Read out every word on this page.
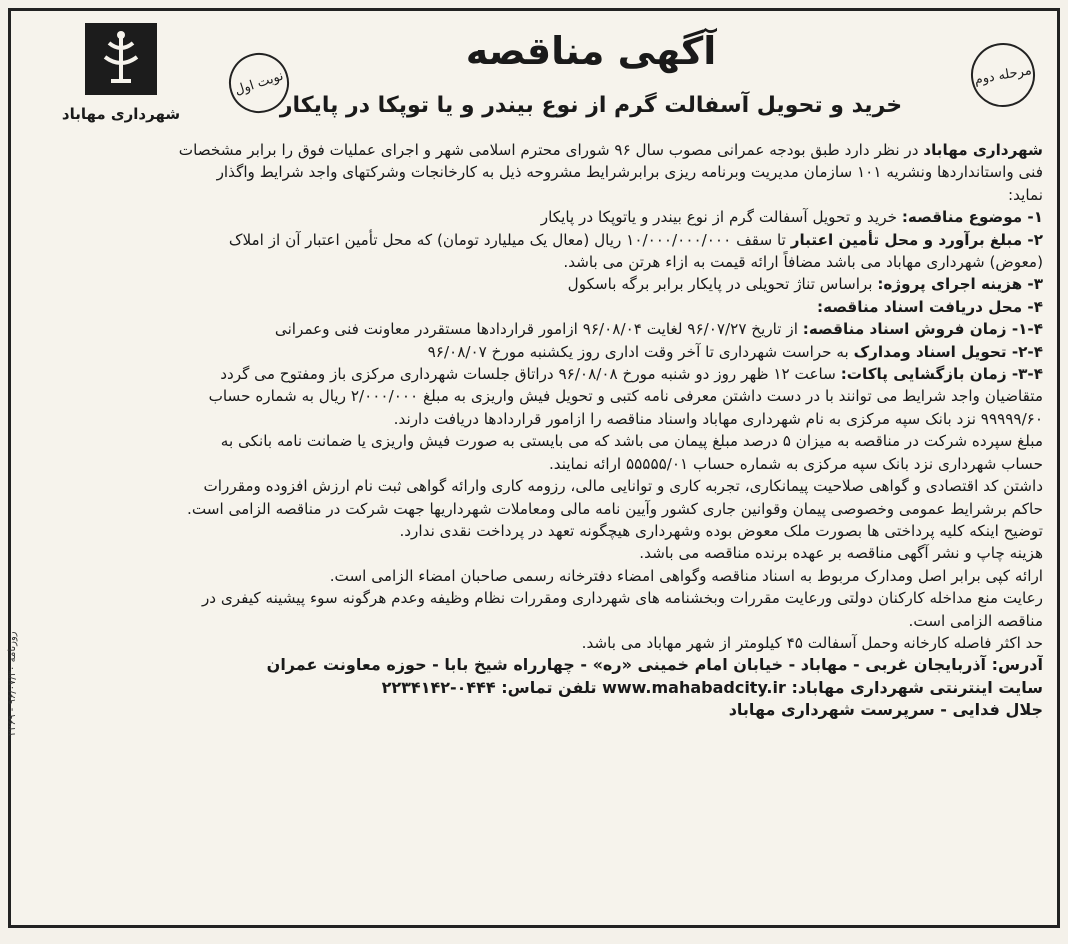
شهرداری مهاباد
نوبت اول	مرحله دوم
آگهی مناقصه
خرید و تحویل آسفالت گرم از نوع بیندر و یا توپکا در پایکار
شهرداری مهاباد در نظر دارد طبق بودجه عمرانی مصوب سال ۹۶ شورای محترم اسلامی شهر و اجرای عملیات فوق را برابر مشخصات
فنی واستانداردها ونشریه ۱۰۱ سازمان مدیریت وبرنامه ریزی برابرشرایط مشروحه ذیل به کارخانجات وشرکتهای واجد شرایط واگذار
نماید:
۱- موضوع مناقصه: خرید و تحویل آسفالت گرم از نوع بیندر و یاتوپکا در پایکار
۲- مبلغ برآورد و محل تأمین اعتبار تا سقف ۱۰/۰۰۰/۰۰۰/۰۰۰ ریال (معال یک میلیارد تومان) که محل تأمین اعتبار آن از املاک
(معوض) شهرداری مهاباد می باشد مضافاً ارائه قیمت به ازاء هرتن می باشد.
۳- هزینه اجرای پروژه: براساس تناژ تحویلی در پایکار برابر برگه باسکول
۴- محل دریافت اسناد مناقصه:
۱-۴- زمان فروش اسناد مناقصه: از تاریخ ۹۶/۰۷/۲۷ لغایت ۹۶/۰۸/۰۴ ازامور قراردادها مستقردر معاونت فنی وعمرانی
۲-۴- تحویل اسناد ومدارک به حراست شهرداری تا آخر وقت اداری روز یکشنبه مورخ ۹۶/۰۸/۰۷
۳-۴- زمان بازگشایی پاکات: ساعت ۱۲ ظهر روز دو شنبه مورخ ۹۶/۰۸/۰۸ دراتاق جلسات شهرداری مرکزی باز ومفتوح می گردد
متقاضیان واجد شرایط می توانند با در دست داشتن معرفی نامه کتبی و تحویل فیش واریزی به مبلغ ۲/۰۰۰/۰۰۰ ریال به شماره حساب
۹۹۹۹۹/۶۰ نزد بانک سپه مرکزی به نام شهرداری مهاباد واسناد مناقصه را ازامور قراردادها دریافت دارند.
مبلغ سپرده شرکت در مناقصه به میزان ۵ درصد مبلغ پیمان می باشد که می بایستی به صورت فیش واریزی یا ضمانت نامه بانکی به
حساب شهرداری نزد بانک سپه مرکزی به شماره حساب ۵۵۵۵۵/۰۱ ارائه نمایند.
داشتن کد اقتصادی و گواهی صلاحیت پیمانکاری، تجربه کاری و توانایی مالی، رزومه کاری وارائه گواهی ثبت نام ارزش افزوده ومقررات
حاکم برشرایط عمومی وخصوصی پیمان وقوانین جاری کشور وآیین نامه مالی ومعاملات شهرداریها جهت شرکت در مناقصه الزامی است.
توضیح اینکه کلیه پرداختی ها بصورت ملک معوض بوده وشهرداری هیچگونه تعهد در پرداخت نقدی ندارد.
هزینه چاپ و نشر آگهی مناقصه بر عهده برنده مناقصه می باشد.
ارائه کپی برابر اصل ومدارک مربوط به اسناد مناقصه وگواهی امضاء دفترخانه رسمی صاحبان امضاء الزامی است.
رعایت منع مداخله کارکنان دولتی ورعایت مقررات وبخشنامه های شهرداری ومقررات نظام وظیفه وعدم هرگونه سوء پیشینه کیفری در
مناقصه الزامی است.
حد اکثر فاصله کارخانه وحمل آسفالت ۴۵ کیلومتر از شهر مهاباد می باشد.
آدرس: آذربایجان غربی - مهاباد - خیابان امام خمینی «ره» - چهارراه شیخ بابا - حوزه معاونت عمران
سایت اینترنتی شهرداری مهاباد: www.mahabadcity.ir تلفن تماس: ۰۴۴۴-۲۲۳۴۱۴۲
جلال فدایی - سرپرست شهرداری مهاباد
روزنامه ۹۶/۰۷/۳۰ - ۲۲۶۹
